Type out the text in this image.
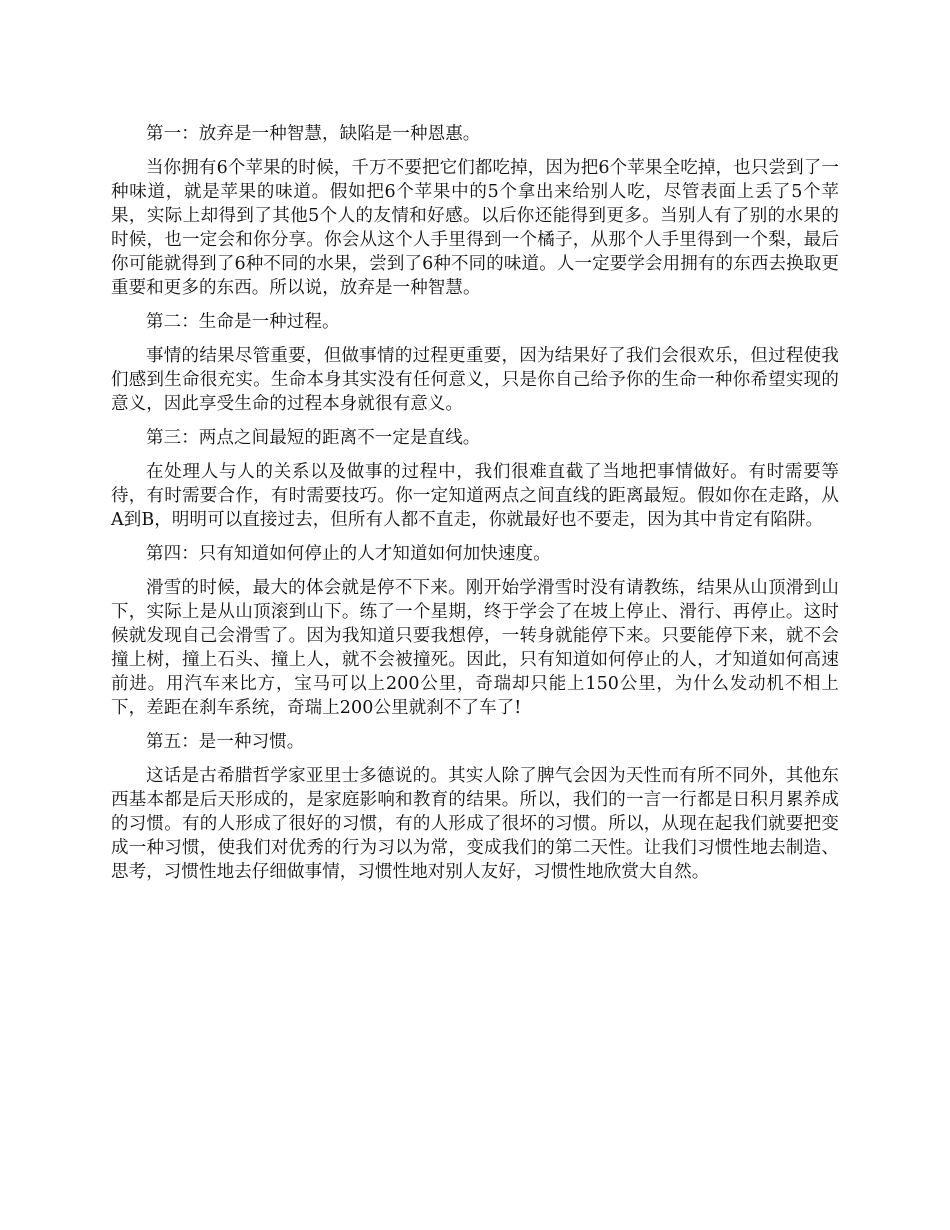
第一：放弃是一种智慧，缺陷是一种恩惠。

当你拥有6个苹果的时候，千万不要把它们都吃掉，因为把6个苹果全吃掉，也只尝到了一种味道，就是苹果的味道。假如把6个苹果中的5个拿出来给别人吃，尽管表面上丢了5个苹果，实际上却得到了其他5个人的友情和好感。以后你还能得到更多。当别人有了别的水果的时候，也一定会和你分享。你会从这个人手里得到一个橘子，从那个人手里得到一个梨，最后你可能就得到了6种不同的水果，尝到了6种不同的味道。人一定要学会用拥有的东西去换取更重要和更多的东西。所以说，放弃是一种智慧。

第二：生命是一种过程。

事情的结果尽管重要，但做事情的过程更重要，因为结果好了我们会很欢乐，但过程使我们感到生命很充实。生命本身其实没有任何意义，只是你自己给予你的生命一种你希望实现的意义，因此享受生命的过程本身就很有意义。

第三：两点之间最短的距离不一定是直线。

在处理人与人的关系以及做事的过程中，我们很难直截了当地把事情做好。有时需要等待，有时需要合作，有时需要技巧。你一定知道两点之间直线的距离最短。假如你在走路，从A到B，明明可以直接过去，但所有人都不直走，你就最好也不要走，因为其中肯定有陷阱。

第四：只有知道如何停止的人才知道如何加快速度。

滑雪的时候，最大的体会就是停不下来。刚开始学滑雪时没有请教练，结果从山顶滑到山下，实际上是从山顶滚到山下。练了一个星期，终于学会了在坡上停止、滑行、再停止。这时候就发现自己会滑雪了。因为我知道只要我想停，一转身就能停下来。只要能停下来，就不会撞上树，撞上石头、撞上人，就不会被撞死。因此，只有知道如何停止的人，才知道如何高速前进。用汽车来比方，宝马可以上200公里，奇瑞却只能上150公里，为什么发动机不相上下，差距在刹车系统，奇瑞上200公里就刹不了车了!

第五：是一种习惯。

这话是古希腊哲学家亚里士多德说的。其实人除了脾气会因为天性而有所不同外，其他东西基本都是后天形成的，是家庭影响和教育的结果。所以，我们的一言一行都是日积月累养成的习惯。有的人形成了很好的习惯，有的人形成了很坏的习惯。所以，从现在起我们就要把变成一种习惯，使我们对优秀的行为习以为常，变成我们的第二天性。让我们习惯性地去制造、思考，习惯性地去仔细做事情，习惯性地对别人友好，习惯性地欣赏大自然。
